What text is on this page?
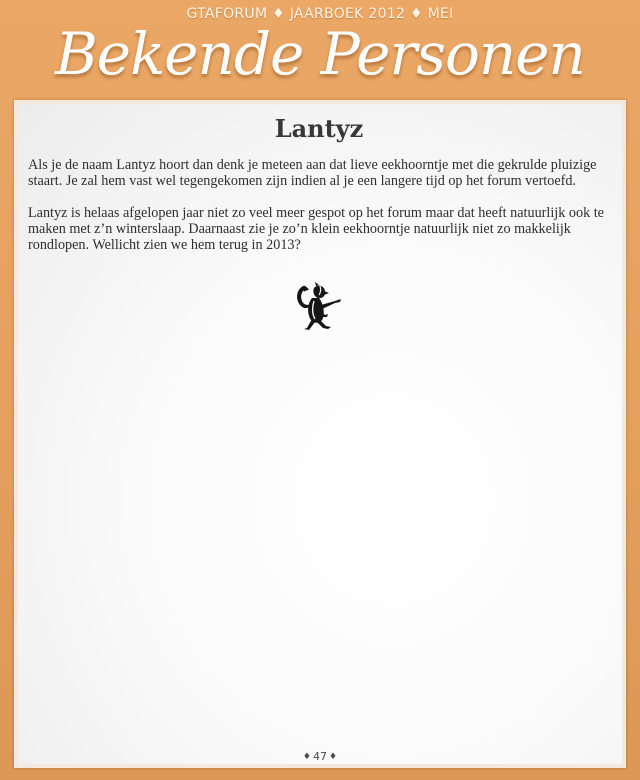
GTAFORUM ♦ JAARBOEK 2012 ♦ MEI
Bekende Personen
Lantyz

Als je de naam Lantyz hoort dan denk je meteen aan dat lieve eekhoorntje met die gekrulde pluizige staart. Je zal hem vast wel tegengekomen zijn indien al je een langere tijd op het forum vertoefd.

Lantyz is helaas afgelopen jaar niet zo veel meer gespot op het forum maar dat heeft natuurlijk ook te maken met z’n winterslaap. Daarnaast zie je zo’n klein eekhoorntje natuurlijk niet zo makkelijk rondlopen. Wellicht zien we hem terug in 2013?

♦ 47 ♦
